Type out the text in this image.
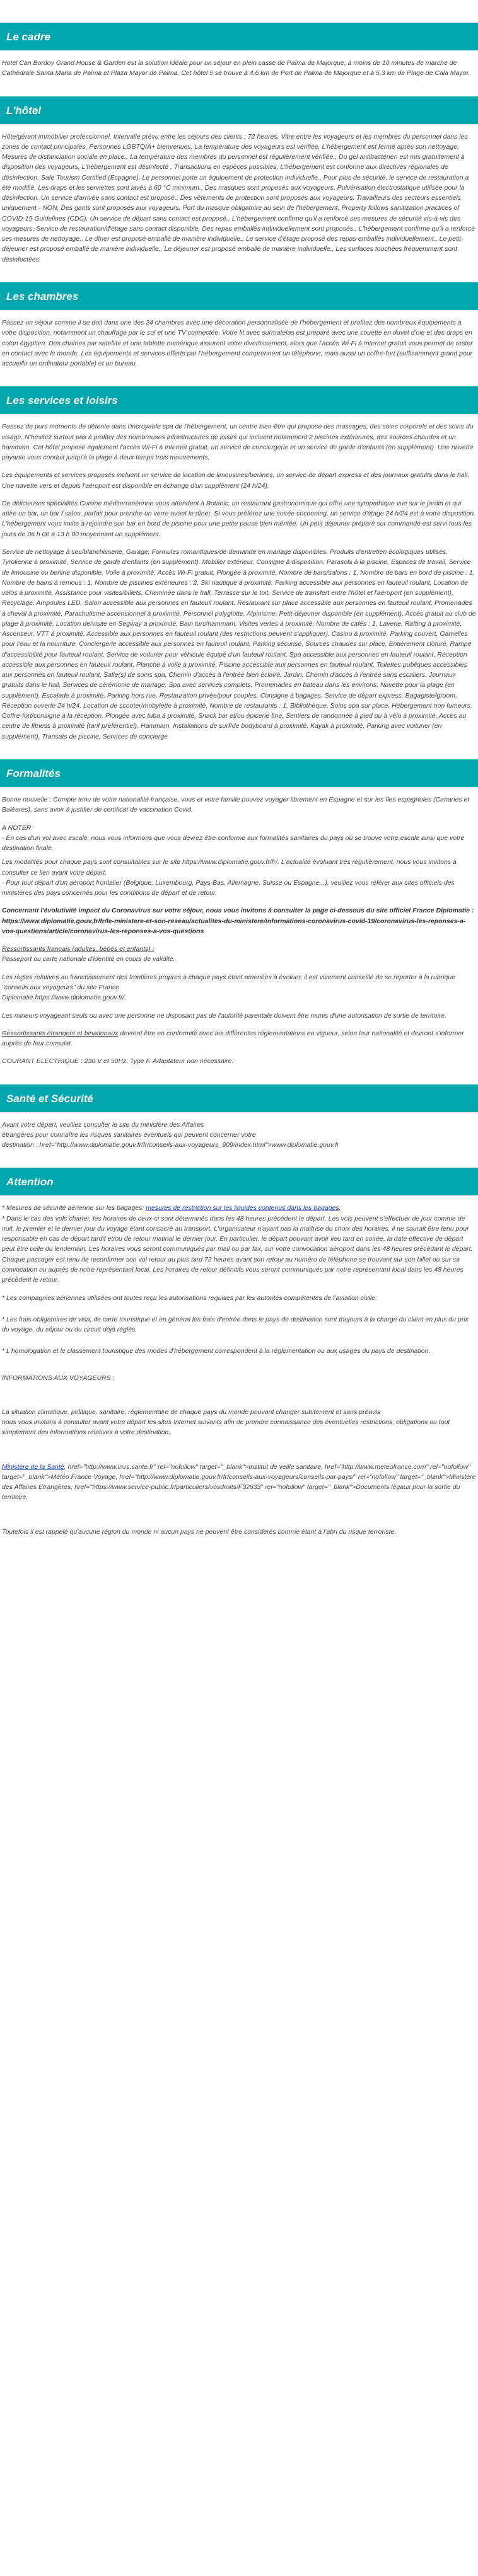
Le cadre

Hotel Can Bordoy Grand House & Garden est la solution idéale pour un séjour en plein casse de Palma de Majorque, à moins de 10 minutes de marche de Cathédrale Santa Maria de Palma et Plaza Mayor de Palma. Cet hôtel 5 se trouve à 4,6 km de Port de Palma de Majorque et à 5,3 km de Plage de Cala Mayor.

L'hôtel

Hôte/gérant immobilier professionnel. Intervalle prévu entre les séjours des clients : 72 heures, Vitre entre les voyageurs et les membres du personnel dans les zones de contact principales, Personnes LGBTQIA+ bienvenues, La température des voyageurs est vérifiée, L'hébergement est fermé après son nettoyage, Mesures de distanciation sociale en place., La température des membres du personnel est régulièrement vérifiée., Du gel antibactérien est mis gratuitement à disposition des voyageurs, L'hébergement est désinfecté , Transactions en espèces possibles, L'hébergement est conforme aux directives régionales de désinfection. Safe Tourism Certified (Espagne), Le personnel porte un équipement de protection individuelle., Pour plus de sécurité, le service de restauration a été modifié, Les draps et les serviettes sont lavés à 60 °C minimum., Des masques sont proposés aux voyageurs, Pulvérisation électrostatique utilisée pour la désinfection. Un service d'arrivée sans contact est proposé., Des vêtements de protection sont proposés aux voyageurs. Travailleurs des secteurs essentiels uniquement - NON, Des gants sont proposés aux voyageurs, Port du masque obligatoire au sein de l'hébergement, Property follows sanitization practices of COVID-19 Guidelines (CDC), Un service de départ sans contact est proposé., L'hébergement confirme qu'il a renforcé ses mesures de sécurité vis-à-vis des voyageurs, Service de restauration/d'étage sans contact disponible, Des repas emballés individuellement sont proposés., L'hébergement confirme qu'il a renforcé ses mesures de nettoyage., Le dîner est proposé emballé de manière individuelle., Le service d'étage proposé des repas emballés individuellement., Le petit-déjeuner est proposé emballé de manière individuelle., Le déjeuner est proposé emballé de manière individuelle., Les surfaces touchées fréquemment sont désinfectées.

Les chambres

Passez un séjour comme il se doit dans une des 24 chambres avec une décoration personnalisée de l'hébergement et profitez des nombreux équipements à votre disposition, notamment un chauffage par le sol et une TV connectée. Votre lit avec surmatelas est préparé avec une couette en duvet d'oie et des draps en coton égyptien. Des chaînes par satellite et une tablette numérique assurent votre divertissement, alors que l'accès Wi-Fi à Internet gratuit vous permet de rester en contact avec le monde. Les équipements et services offerts par l'hébergement comprennent un téléphone, mais aussi un coffre-fort (suffisamment grand pour accueillir un ordinateur portable) et un bureau.

Les services et loisirs

Passez de purs moments de détente dans l'incroyable spa de l'hébergement, un centre bien-être qui propose des massages, des soins corporels et des soins du visage. N'hésitez surtout pas à profiter des nombreuses infrastructures de loisirs qui incluent notamment 2 piscines extérieures, des sources chaudes et un hammam. Cet hôtel propose également l'accès Wi-Fi à Internet gratuit, un service de conciergerie et un service de garde d'enfants (en supplément). Une navette payante vous conduit jusqu'à la plage à deux temps trois mouvements.

Les équipements et services proposés incluent un service de location de limousines/berlines, un service de départ express et des journaux gratuits dans le hall. Une navette vers et depuis l'aéroport est disponible en échange d'un supplément (24 h/24).

De délicieuses spécialités Cuisine méditerranéenne vous attendent à Botanic, un restaurant gastronomique qui offre une sympathique vue sur le jardin et qui attire un bar, un bar / salon, parfait pour prendre un verre avant le dîner. Si vous préférez une soirée cocooning, un service d'étage 24 h/24 est à votre disposition. L'hébergement vous invite à rejoindre son bar en bord de piscine pour une petite pause bien méritée. Un petit déjeuner préparé sur commande est servi tous les jours de 06 h 00 à 13 h 00 moyennant un supplément.

Service de nettoyage à sec/blanchisserie, Garage, Formules romantiques/de demande en mariage disponibles, Produits d'entretien écologiques utilisés, Tyrolienne à proximité, Service de garde d'enfants (en supplément), Mobilier extérieur, Consigne à disposition, Parasols à la piscine, Espaces de travail, Service de limousine ou berline disponible, Voile à proximité, Accès Wi-Fi gratuit, Plongée à proximité, Nombre de bars/salons : 1, Nombre de bars en bord de piscine : 1, Nombre de bains à remous : 1, Nombre de piscines extérieures : 2, Ski nautique à proximité, Parking accessible aux personnes en fauteuil roulant, Location de vélos à proximité, Assistance pour visites/billets, Cheminée dans le hall, Terrasse sur le toit, Service de transfert entre l'hôtel et l'aéroport (en supplément), Recyclage, Ampoules LED, Salon accessible aux personnes en fauteuil roulant, Restaurant sur place accessible aux personnes en fauteuil roulant, Promenades à cheval à proximité, Parachutisme ascensionnel à proximité, Personnel polyglotte, Alpinisme, Petit-déjeuner disponible (en supplément), Accès gratuit au club de plage à proximité, Location de/visite en Segway à proximité, Bain turc/hammam, Visites vertes à proximité, Nombre de cafés : 1, Laverie, Rafting à proximité, Ascenseur, VTT à proximité, Accessible aux personnes en fauteuil roulant (des restrictions peuvent s'appliquer), Casino à proximité, Parking couvert, Gamelles pour l'eau et la nourriture, Conciergerie accessible aux personnes en fauteuil roulant, Parking sécurisé, Sources chaudes sur place, Entièrement clôturé, Rampe d'accessibilité pour fauteuil roulant, Service de voiturier pour véhicule équipé d'un fauteuil roulant, Spa accessible aux personnes en fauteuil roulant, Réception accessible aux personnes en fauteuil roulant, Planche à voile à proximité, Piscine accessible aux personnes en fauteuil roulant, Toilettes publiques accessibles aux personnes en fauteuil roulant, Salle(s) de soins spa, Chemin d'accès à l'entrée bien éclairé, Jardin, Chemin d'accès à l'entrée sans escaliers, Journaux gratuits dans le hall, Services de cérémonie de mariage, Spa avec services complets, Promenades en bateau dans les environs, Navette pour la plage (en supplément), Escalade à proximité, Parking hors rue, Restauration privée/pour couples, Consigne à bagages, Service de départ express, Bagagiste/groom, Réception ouverte 24 h/24, Location de scooter/mobylette à proximité, Nombre de restaurants : 1, Bibliothèque, Soins spa sur place, Hébergement non fumeurs, Coffre-fort/consigne à la réception, Plongée avec tuba à proximité, Snack bar et/ou épicerie fine, Sentiers de randonnée à pied ou à vélo à proximité, Accès au centre de fitness à proximité (tarif préférentiel), Hammam, Installations de surf/de bodyboard à proximité, Kayak à proximité, Parking avec voiturier (en supplément), Transats de piscine, Services de concierge

Formalités

Bonne nouvelle : Compte tenu de votre nationalité française, vous et votre famille pouvez voyager librement en Espagne et sur les îles espagnoles (Canaries et Baléares), sans avoir à justifier de certificat de vaccination Covid.

A NOTER
- En cas d'un vol avec escale, nous vous informons que vous devrez être conforme aux formalités sanitaires du pays où se trouve votre escale ainsi que votre destination finale.

Les modalités pour chaque pays sont consultables sur le site https://www.diplomatie.gouv.fr/fr/. L'actualité évoluant très régulièrement, nous vous invitons à consulter ce lien avant votre départ.
- Pour tout départ d'un aéroport frontalier (Belgique, Luxembourg, Pays-Bas, Allemagne, Suisse ou Espagne...), veuillez vous référer aux sites officiels des ministères des pays concernés pour les conditions de départ et de retour.

Concernant l'évolutivité impact du Coronavirus sur votre séjour, nous vous invitons à consulter la page ci-dessous du site officiel France Diplomatie : https://www.diplomatie.gouv.fr/fr/le-ministere-et-son-reseau/actualites-du-ministere/informations-coronavirus-covid-19/coronavirus-les-reponses-a-vos-questions/article/coronavirus-les-reponses-a-vos-questions

Ressortissants français (adultes, bébés et enfants) :
Passeport ou carte nationale d'identité en cours de validité.

Les règles relatives au franchissement des frontières propres à chaque pays étant amenées à évoluer, il est vivement conseillé de se reporter à la rubrique "conseils aux voyageurs" du site France
Diplomatie.https://www.diplomatie.gouv.fr/.

Les mineurs voyageant seuls ou avec une personne ne disposant pas de l'autorité parentale doivent être munis d'une autorisation de sortie de territoire.

Ressortissants étrangers et binationaux devront être en conformité avec les différentes réglementations en vigueur, selon leur nationalité et devront s'informer auprès de leur consulat.

COURANT ELECTRIQUE : 230 V et 50Hz. Type F. Adaptateur non nécessaire.

Santé et Sécurité

Avant votre départ, veuillez consulter le site du ministère des Affaires
étrangères pour connaître les risques sanitaires éventuels qui peuvent concerner votre
destination : href="http://www.diplomatie.gouv.fr/fr/conseils-aux-voyageurs_909/index.html">www.diplomatie.gouv.fr

Attention

* Mesures de sécurité aérienne sur les bagages: mesures de restriction sur les liquides contenus dans les bagages.

* Dans le cas des vols charter, les horaires de ceux-ci sont déterminés dans les 48 heures précédent le départ. Les vols peuvent s'effectuer de jour comme de nuit, le premier et le dernier jour du voyage étant consacré au transport. L'organisateur n'ayant pas la maîtrise du choix des horaires, il ne saurait être tenu pour responsable en cas de départ tardif et/ou de retour matinal le dernier jour. En particulier, le départ pouvant avoir lieu tard en soirée, la date effective de départ peut être celle du lendemain. Les horaires vous seront communiqués par mail ou par fax, sur votre convocation aéroport dans les 48 heures précédant le départ. Chaque passager est tenu de reconfirmer son vol retour au plus tard 72 heures avant son retour au numéro de téléphone se trouvant sur son billet ou sur sa convocation ou auprès de notre représentant local. Les horaires de retour définitifs vous seront communiqués par notre représentant local dans les 48 heures précédent le retour.

* Les compagnies aériennes utilisées ont toutes reçu les autorisations requises par les autorités compétentes de l'aviation civile.

* Les frais obligatoires de visa, de carte touristique et en général les frais d'entrée dans le pays de destination sont toujours à la charge du client en plus du prix du voyage, du séjour ou du circuit déjà réglés.

* L'homologation et le classement touristique des modes d'hébergement correspondent à la réglementation ou aux usages du pays de destination.

INFORMATIONS AUX VOYAGEURS :

La situation climatique, politique, sanitaire, réglementaire de chaque pays du monde pouvant changer subitement et sans préavis
nous vous invitons à consulter avant votre départ les sites Internet suivants afin de prendre connaissance des éventuelles restrictions, obligations ou tout simplement des informations relatives à votre destination.

Ministère de la Santé, href="http://www.invs.sante.fr" rel="nofollow" target="_blank">Institut de veille sanitaire, href="http://www.meteofrance.com" rel="nofollow" target="_blank">Météo France Voyage, href="http://www.diplomatie.gouv.fr/fr/conseils-aux-voyageurs/conseils-par-pays/" rel="nofollow" target="_blank">Ministère des Affaires Etrangères, href="https://www.service-public.fr/particuliers/vosdroits/F32833" rel="nofollow" target="_blank">Documents lègaux pour la sortie du territoire.

Toutefois il est rappelé qu'aucune région du monde ni aucun pays ne peuvent être considérés comme étant à l'abri du risque terroriste.
